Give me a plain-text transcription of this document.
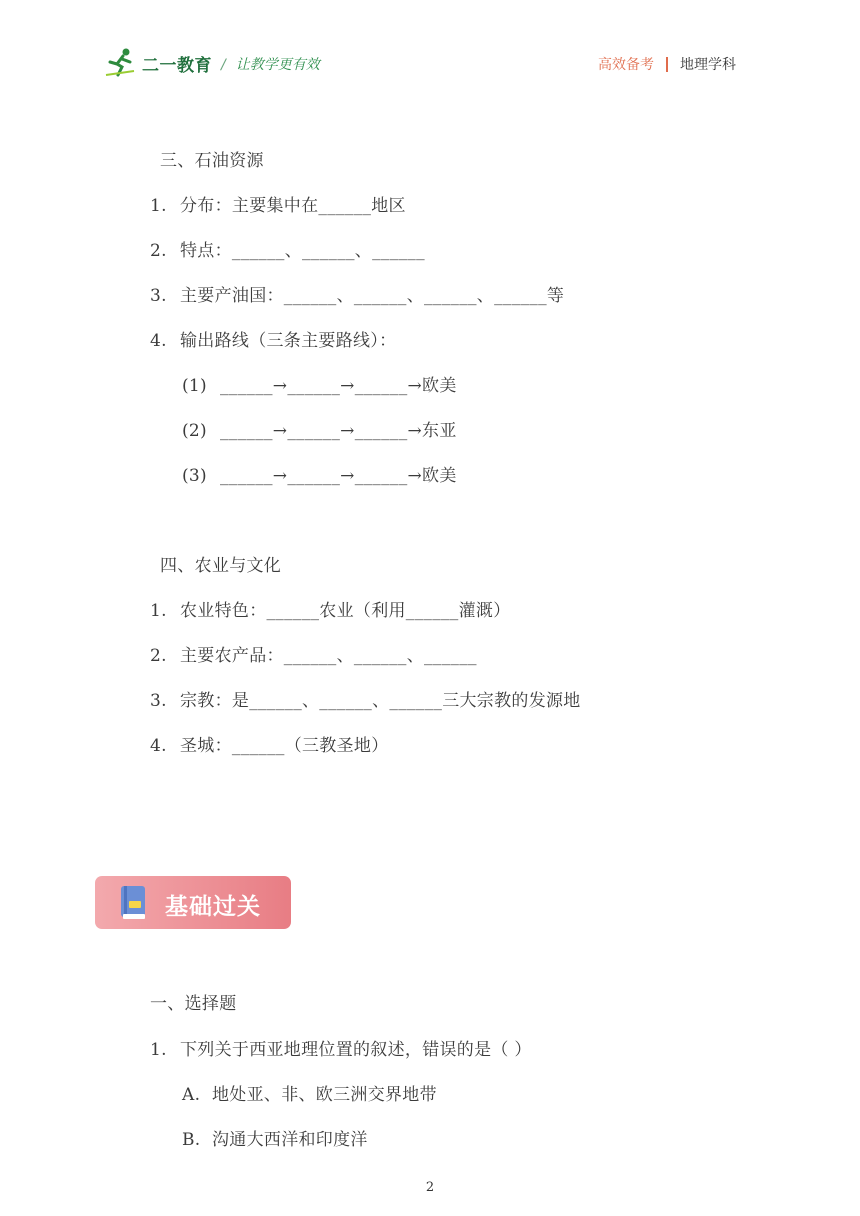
二一教育 / 让教学更有效	高效备考 地理学科
三、石油资源
1. 分布：主要集中在______地区
2. 特点：______、______、______
3. 主要产油国：______、______、______、______等
4. 输出路线（三条主要路线）：
(1) ______→______→______→欧美
(2) ______→______→______→东亚
(3) ______→______→______→欧美
四、农业与文化
1. 农业特色：______农业（利用______灌溉）
2. 主要农产品：______、______、______
3. 宗教：是______、______、______三大宗教的发源地
4. 圣城：______（三教圣地）
基础过关
一、选择题
1. 下列关于西亚地理位置的叙述，错误的是（ ）
A. 地处亚、非、欧三洲交界地带
B. 沟通大西洋和印度洋
2
